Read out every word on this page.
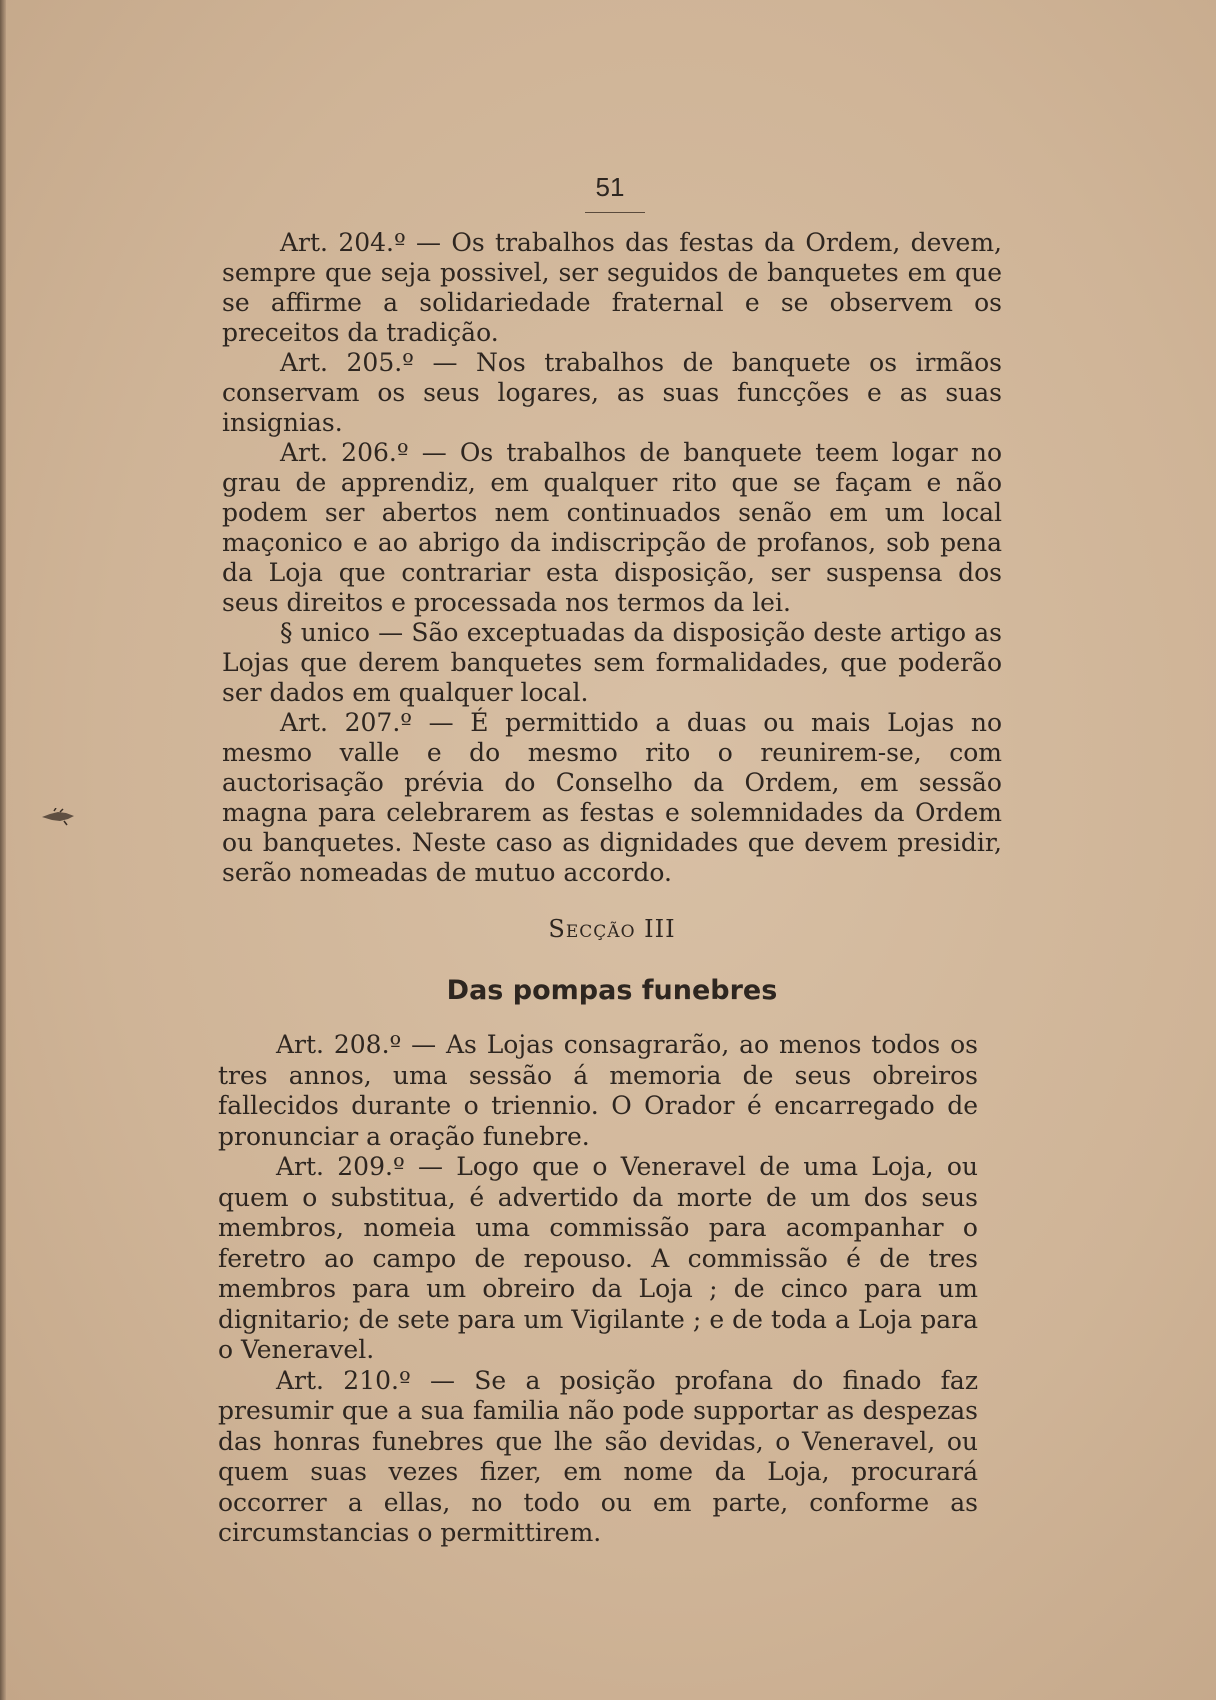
51

Art. 204.º — Os trabalhos das festas da Ordem, devem, sempre que seja possivel, ser seguidos de banquetes em que se affirme a solidariedade fraternal e se observem os preceitos da tradição.

Art. 205.º — Nos trabalhos de banquete os irmãos conservam os seus logares, as suas funcções e as suas insignias.

Art. 206.º — Os trabalhos de banquete teem logar no grau de apprendiz, em qualquer rito que se façam e não podem ser abertos nem continuados senão em um local maçonico e ao abrigo da indiscripção de profanos, sob pena da Loja que contrariar esta disposição, ser suspensa dos seus direitos e processada nos termos da lei.

§ unico — São exceptuadas da disposição deste artigo as Lojas que derem banquetes sem formalidades, que poderão ser dados em qualquer local.

Art. 207.º — É permittido a duas ou mais Lojas no mesmo valle e do mesmo rito o reunirem-se, com auctorisação prévia do Conselho da Ordem, em sessão magna para celebrarem as festas e solemnidades da Ordem ou banquetes. Neste caso as dignidades que devem presidir, serão nomeadas de mutuo accordo.

Secção III
Das pompas funebres

Art. 208.º — As Lojas consagrarão, ao menos todos os tres annos, uma sessão á memoria de seus obreiros fallecidos durante o triennio. O Orador é encarregado de pronunciar a oração funebre.

Art. 209.º — Logo que o Veneravel de uma Loja, ou quem o substitua, é advertido da morte de um dos seus membros, nomeia uma commissão para acompanhar o feretro ao campo de repouso. A commissão é de tres membros para um obreiro da Loja ; de cinco para um dignitario; de sete para um Vigilante ; e de toda a Loja para o Veneravel.

Art. 210.º — Se a posição profana do finado faz presumir que a sua familia não pode supportar as despezas das honras funebres que lhe são devidas, o Veneravel, ou quem suas vezes fizer, em nome da Loja, procurará occorrer a ellas, no todo ou em parte, conforme as circumstancias o permittirem.
